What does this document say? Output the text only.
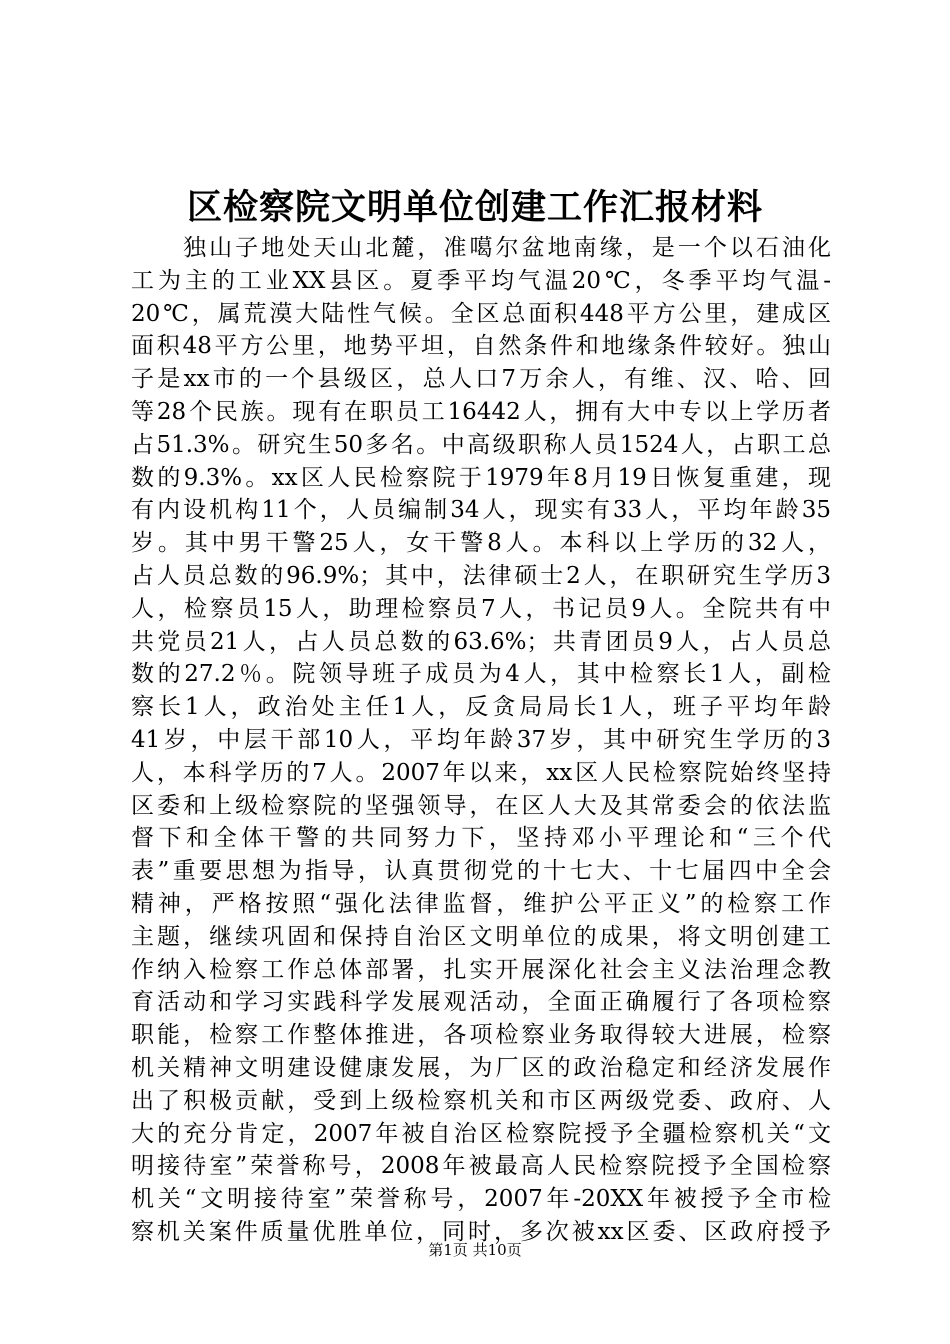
区检察院文明单位创建工作汇报材料
　　独山子地处天山北麓，准噶尔盆地南缘，是一个以石油化
工为主的工业XX县区。夏季平均气温20℃，冬季平均气温-
20℃，属荒漠大陆性气候。全区总面积448平方公里，建成区
面积48平方公里，地势平坦，自然条件和地缘条件较好。独山
子是xx市的一个县级区，总人口7万余人，有维、汉、哈、回
等28个民族。现有在职员工16442人，拥有大中专以上学历者
占51.3%。研究生50多名。中高级职称人员1524人，占职工总
数的9.3%。xx区人民检察院于1979年8月19日恢复重建，现
有内设机构11个，人员编制34人，现实有33人，平均年龄35
岁。其中男干警25人，女干警8人。本科以上学历的32人，
占人员总数的96.9%；其中，法律硕士2人，在职研究生学历3
人，检察员15人，助理检察员7人，书记员9人。全院共有中
共党员21人，占人员总数的63.6%；共青团员9人，占人员总
数的27.2％。院领导班子成员为4人，其中检察长1人，副检
察长1人，政治处主任1人，反贪局局长1人，班子平均年龄
41岁，中层干部10人，平均年龄37岁，其中研究生学历的3
人，本科学历的7人。2007年以来，xx区人民检察院始终坚持
区委和上级检察院的坚强领导，在区人大及其常委会的依法监
督下和全体干警的共同努力下，坚持邓小平理论和“三个代
表”重要思想为指导，认真贯彻党的十七大、十七届四中全会
精神，严格按照“强化法律监督，维护公平正义”的检察工作
主题，继续巩固和保持自治区文明单位的成果，将文明创建工
作纳入检察工作总体部署，扎实开展深化社会主义法治理念教
育活动和学习实践科学发展观活动，全面正确履行了各项检察
职能，检察工作整体推进，各项检察业务取得较大进展，检察
机关精神文明建设健康发展，为厂区的政治稳定和经济发展作
出了积极贡献，受到上级检察机关和市区两级党委、政府、人
大的充分肯定，2007年被自治区检察院授予全疆检察机关“文
明接待室”荣誉称号，2008年被最高人民检察院授予全国检察
机关“文明接待室”荣誉称号，2007年-20XX年被授予全市检
察机关案件质量优胜单位，同时，多次被xx区委、区政府授予
第1页 共10页
